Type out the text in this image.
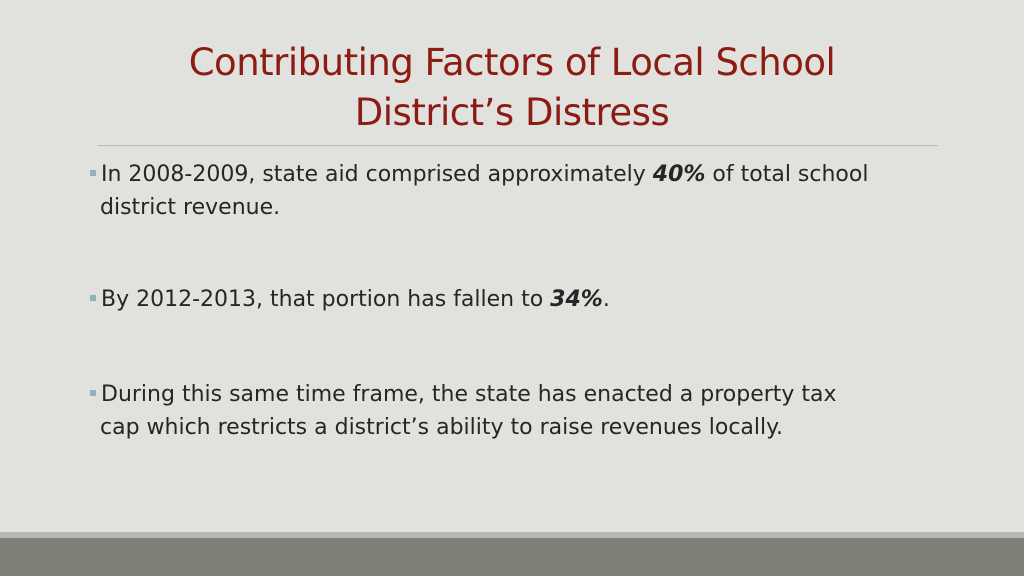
Contributing Factors of Local School
District’s Distress
In 2008-2009, state aid comprised approximately 40% of total school
district revenue.
By 2012-2013, that portion has fallen to 34%.
During this same time frame, the state has enacted a property tax
cap which restricts a district’s ability to raise revenues locally.
